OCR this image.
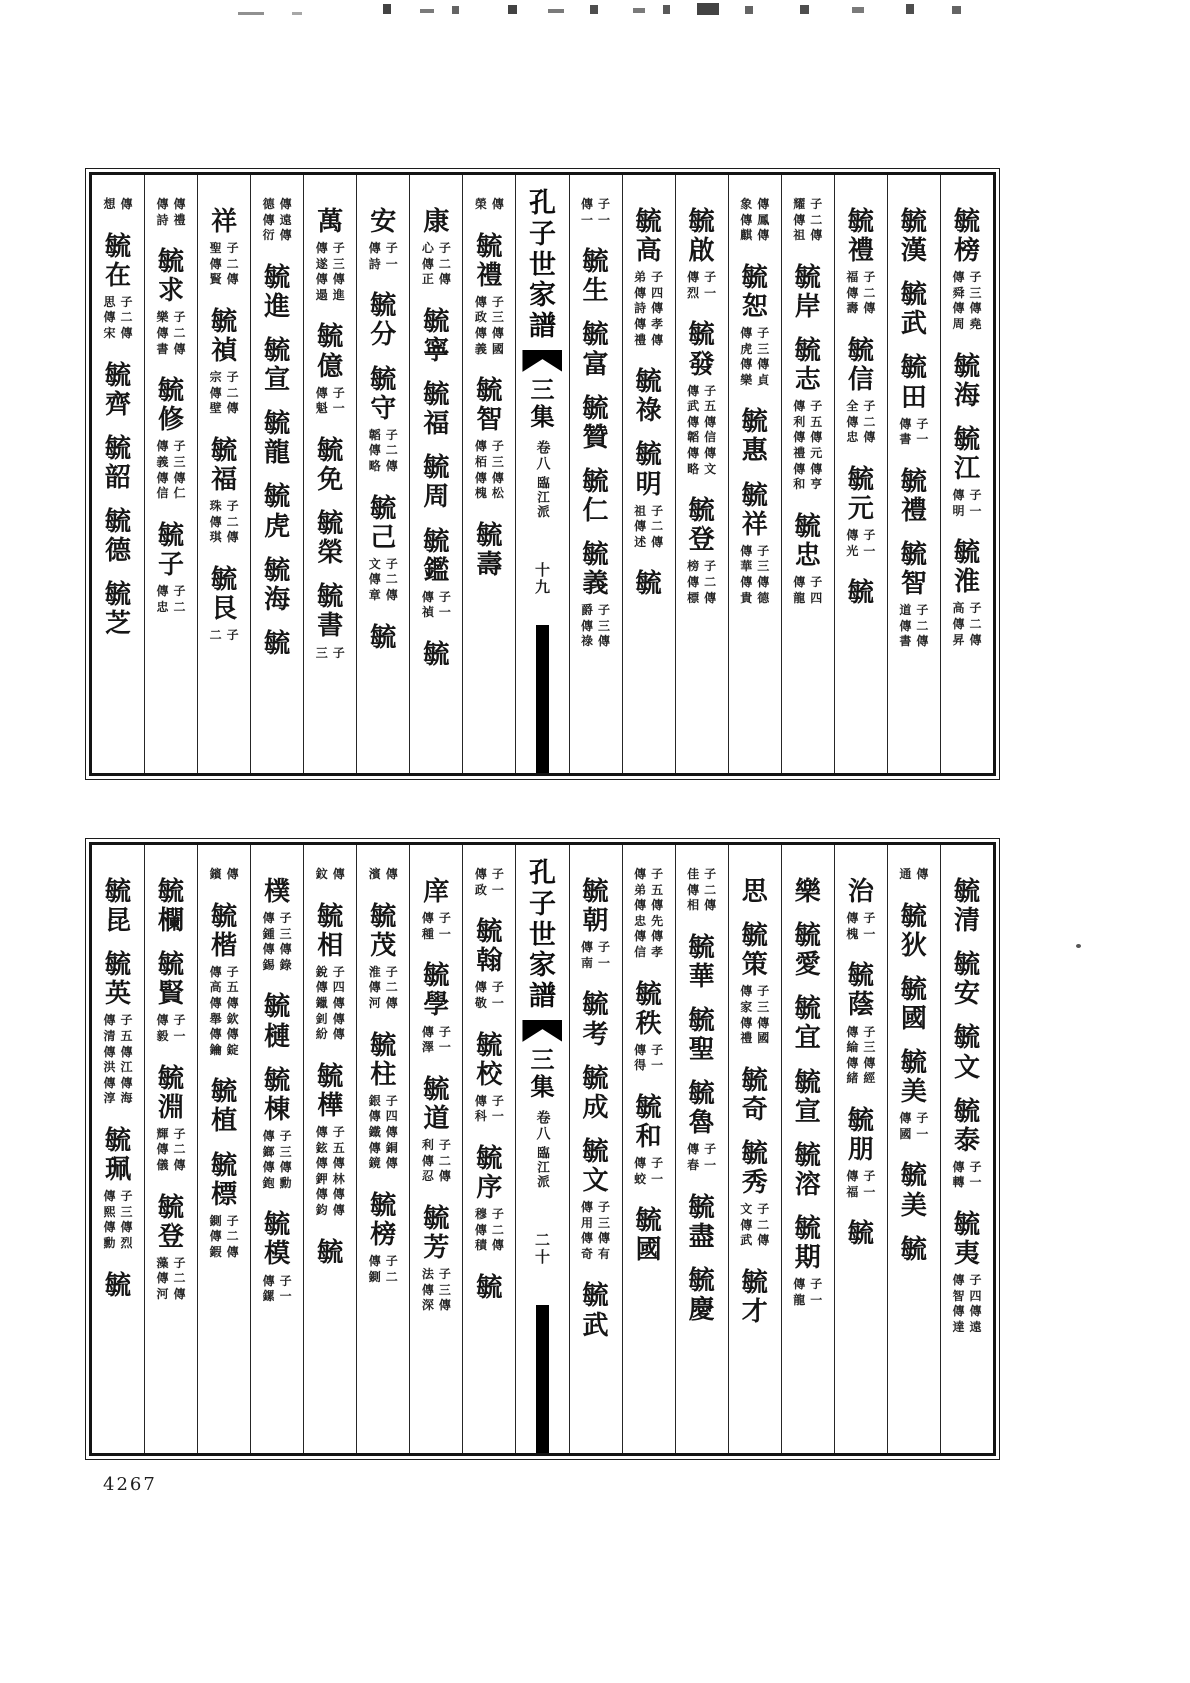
毓
榜
傳 子
舜 三
傳 傳
周 堯
毓
海
毓
江
傳 子
明 一
毓
淮
高 子
傳 二
昇 傳
毓
漢
毓
武
毓
田
傳 子
書 一
毓
禮
毓
智
道 子
傳 二
書 傳
毓
禮
福 子
傳 二
壽 傳
毓
信
全 子
傳 二
忠 傳
毓
元
傳 子
光 一
毓
耀 子
傳 二
祖 傳
毓
岸
毓
志
傳 子
利 五
傳 傳
禮 元
傳 傳
和 亨
毓
忠
傳 子
龍 四
象 傳
傳 鳳
麒 傳
毓
恕
傳 子
虎 三
傳 傳
樂 貞
毓
惠
毓
祥
傳 子
華 三
傳 傳
貴 德
毓
啟
傳 子
烈 一
毓
發
傳 子
武 五
傳 傳
韜 信
傳 傳
略 文
毓
登
榜 子
傳 二
標 傳
毓
高
弟 子
傳 四
詩 傳
傳 孝
禮 傳
毓
祿
毓
明
祖 子
傳 二
述 傳
毓
傳 子
一 一
毓
生
毓
富
毓
贊
毓
仁
毓
義
爵 子
傳 三
祿 傳
孔
子
世
家
譜
三
集
卷八
臨江派
十九
榮 傳
毓
禮
傳 子
政 三
傳 傳
義 國
毓
智
傳 子
栢 三
傳 傳
槐 松
毓
壽
康
心 子
傳 二
正 傳
毓
寧
毓
福
毓
周
毓
鑑
傳 子
禎 一
毓
安
傳 子
詩 一
毓
分
毓
守
韜 子
傳 二
略 傳
毓
己
文 子
傳 二
章 傳
毓
萬
傳 子
遂 三
傳 傳
遢 進
毓
億
傳 子
魁 一
毓
免
毓
榮
毓
書
三 子
德 傳
傳 遠
衍 傳
毓
進
毓
宣
毓
龍
毓
虎
毓
海
毓
祥
聖 子
傳 二
賢 傳
毓
禎
宗 子
傳 二
壁 傳
毓
福
珠 子
傳 二
琪 傳
毓
艮
二 子
傳 傳
詩 禮
毓
求
樂 子
傳 二
書 傳
毓
修
傳 子
義 三
傳 傳
信 仁
毓
子
傳 子
忠 二
想 傳
毓
在
思 子
傳 二
宋 傳
毓
齊
毓
韶
毓
德
毓
芝
毓
清
毓
安
毓
文
毓
泰
傳 子
轉 一
毓
夷
傳 子
智 四
傳 傳
達 遠
通 傳
毓
狄
毓
國
毓
美
傳 子
國 一
毓
美
毓
治
傳 子
槐 一
毓
蔭
傳 子
綸 三
傳 傳
緒 經
毓
朋
傳 子
福 一
毓
樂
毓
愛
毓
宜
毓
宣
毓
溶
毓
期
傳 子
龍 一
思
毓
策
傳 子
家 三
傳 傳
禮 國
毓
奇
毓
秀
文 子
傳 二
武 傳
毓
才
佳 子
傳 二
相 傳
毓
華
毓
聖
毓
魯
傳 子
春 一
毓
盡
毓
慶
傳 子
弟 五
傳 傳
忠 先
傳 傳
信 孝
毓
秩
傳 子
得 一
毓
和
傳 子
蛟 一
毓
國
毓
朝
傳 子
南 一
毓
考
毓
成
毓
文
傳 子
用 三
傳 傳
奇 有
毓
武
孔
子
世
家
譜
三
集
卷八
臨江派
二十
傳 子
政 一
毓
翰
傳 子
敬 一
毓
校
傳 子
科 一
毓
序
穆 子
傳 二
積 傳
毓
庠
傳 子
種 一
毓
學
傳 子
澤 一
毓
道
利 子
傳 二
忍 傳
毓
芳
法 子
傳 三
深 傳
濱 傳
毓
茂
淮 子
傳 二
河 傳
毓
柱
銀 子
傳 四
鐵 傳
傳 銅
鏡 傳
毓
榜
傳 子
鍘 二
鈫 傳
毓
相
銳 子
傳 四
鑞 傳
釗 傳
紛 傳
毓
樺
傳 子
鉉 五
傳 傳
鉀 林
傳 傳
鈞 傳
毓
樸
傳 子
鍾 三
傳 傳
錫 錄
毓
槤
毓
棟
傳 子
鎯 三
傳 傳
鉋 勳
毓
模
傳 子
鏍 一
鑌 傳
毓
楷
傳 子
高 五
傳 傳
舉 欽
傳 傳
鑰 錠
毓
植
毓
標
鍘 子
傳 二
鍜 傳
毓
欄
毓
賢
傳 子
毅 一
毓
淵
輝 子
傳 二
儀 傳
毓
登
藻 子
傳 二
河 傳
毓
昆
毓
英
傳 子
清 五
傳 傳
洪 江
傳 傳
淳 海
毓
珮
傳 子
熙 三
傳 傳
勳 烈
毓
4267
